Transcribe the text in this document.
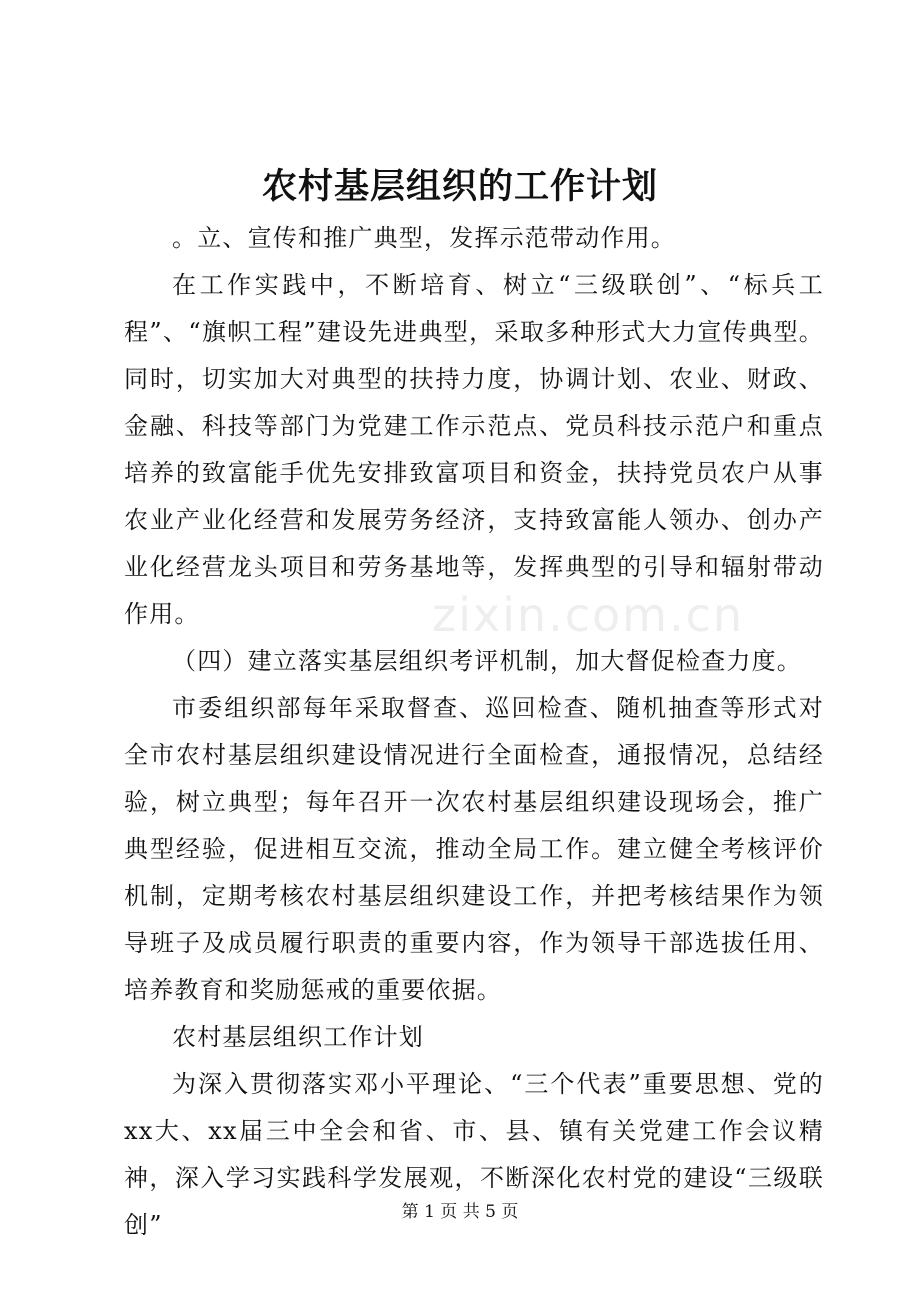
zixin.com.cn
农村基层组织的工作计划

。立、宣传和推广典型，发挥示范带动作用。

在工作实践中，不断培育、树立“三级联创”、“标兵工程”、“旗帜工程”建设先进典型，采取多种形式大力宣传典型。同时，切实加大对典型的扶持力度，协调计划、农业、财政、金融、科技等部门为党建工作示范点、党员科技示范户和重点培养的致富能手优先安排致富项目和资金，扶持党员农户从事农业产业化经营和发展劳务经济，支持致富能人领办、创办产业化经营龙头项目和劳务基地等，发挥典型的引导和辐射带动作用。

（四）建立落实基层组织考评机制，加大督促检查力度。

市委组织部每年采取督查、巡回检查、随机抽查等形式对全市农村基层组织建设情况进行全面检查，通报情况，总结经验，树立典型；每年召开一次农村基层组织建设现场会，推广典型经验，促进相互交流，推动全局工作。建立健全考核评价机制，定期考核农村基层组织建设工作，并把考核结果作为领导班子及成员履行职责的重要内容，作为领导干部选拔任用、培养教育和奖励惩戒的重要依据。

农村基层组织工作计划

为深入贯彻落实邓小平理论、“三个代表”重要思想、党的xx大、xx届三中全会和省、市、县、镇有关党建工作会议精神，深入学习实践科学发展观，不断深化农村党的建设“三级联创”	第 1 页 共 5 页
